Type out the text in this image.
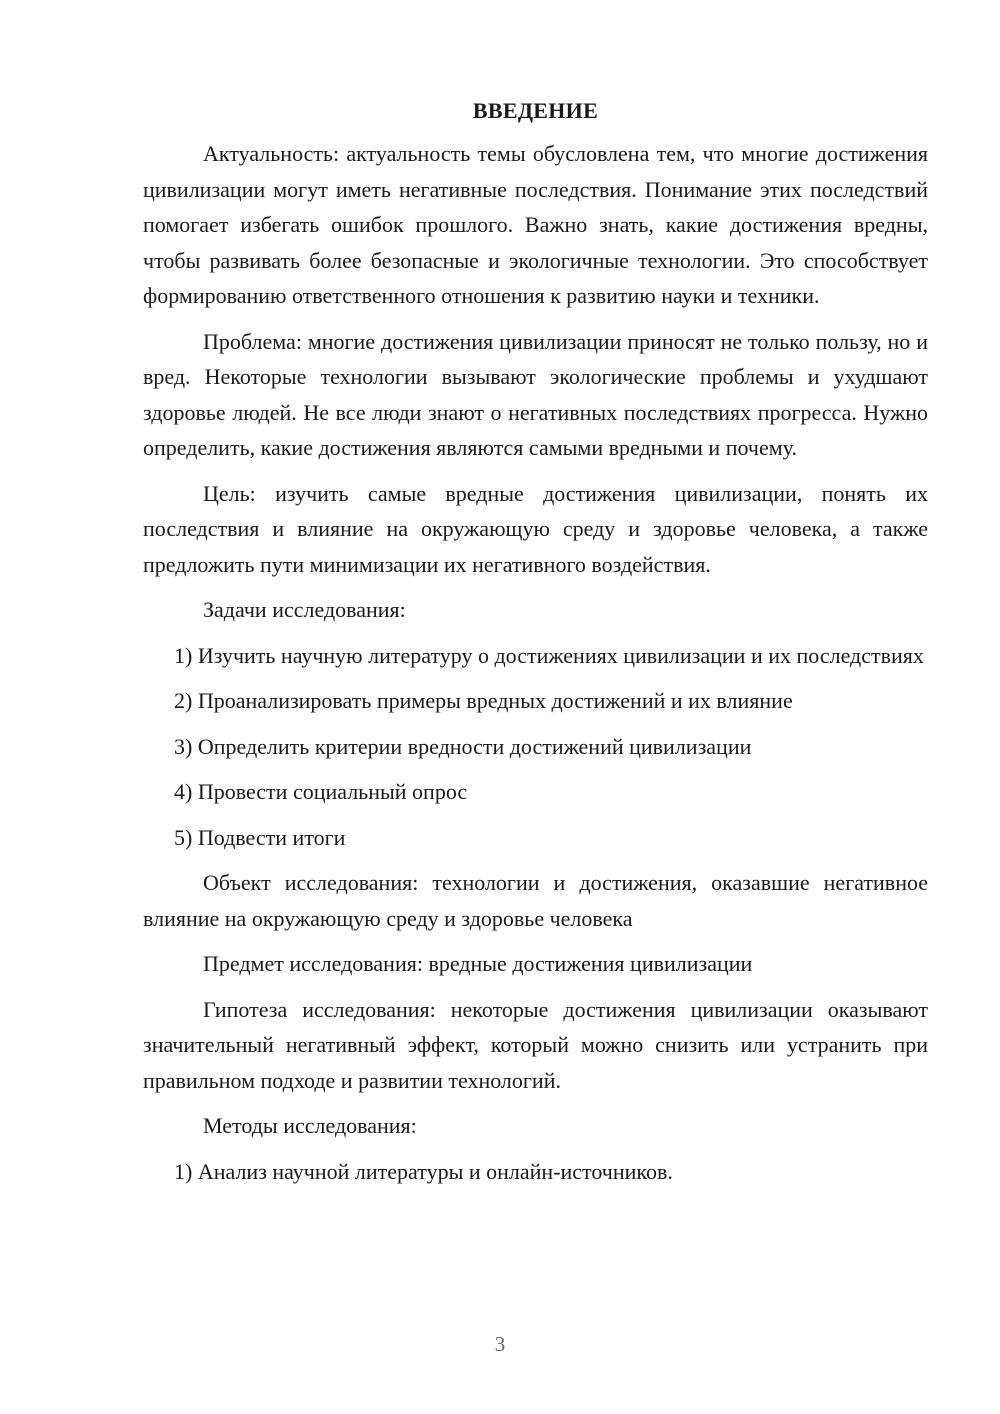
ВВЕДЕНИЕ

Актуальность: актуальность темы обусловлена тем, что многие достижения цивилизации могут иметь негативные последствия. Понимание этих последствий помогает избегать ошибок прошлого. Важно знать, какие достижения вредны, чтобы развивать более безопасные и экологичные технологии. Это способствует формированию ответственного отношения к развитию науки и техники.

Проблема: многие достижения цивилизации приносят не только пользу, но и вред. Некоторые технологии вызывают экологические проблемы и ухудшают здоровье людей. Не все люди знают о негативных последствиях прогресса. Нужно определить, какие достижения являются самыми вредными и почему.

Цель: изучить самые вредные достижения цивилизации, понять их последствия и влияние на окружающую среду и здоровье человека, а также предложить пути минимизации их негативного воздействия.

Задачи исследования:

1) Изучить научную литературу о достижениях цивилизации и их последствиях

2) Проанализировать примеры вредных достижений и их влияние

3) Определить критерии вредности достижений цивилизации

4) Провести социальный опрос

5) Подвести итоги

Объект исследования: технологии и достижения, оказавшие негативное влияние на окружающую среду и здоровье человека

Предмет исследования: вредные достижения цивилизации

Гипотеза исследования: некоторые достижения цивилизации оказывают значительный негативный эффект, который можно снизить или устранить при правильном подходе и развитии технологий.

Методы исследования:

1) Анализ научной литературы и онлайн-источников.

3
